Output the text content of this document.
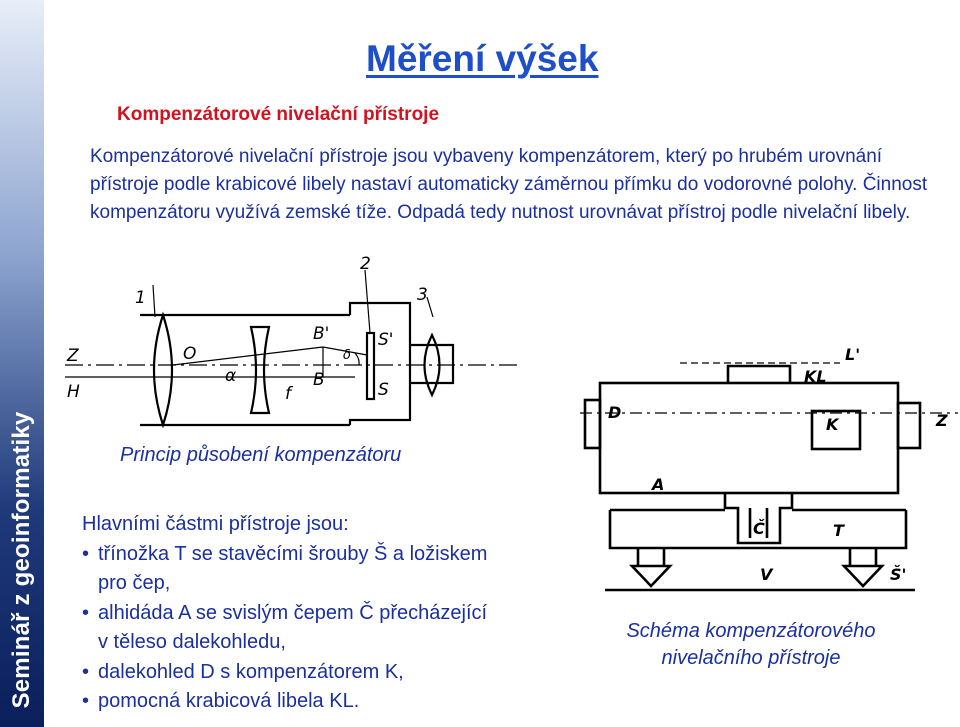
Seminář z geoinformatiky
Měření výšek
Kompenzátorové nivelační přístroje

Kompenzátorové nivelační přístroje jsou vybaveny kompenzátorem, který po hrubém urovnání přístroje podle krabicové libely nastaví automaticky záměrnou přímku do vodorovné polohy. Činnost kompenzátoru využívá zemské tíže. Odpadá tedy nutnost urovnávat přístroj podle nivelační libely.

1
2
3
Z
H
O
B'
B
S'
S
α
f
δ
Princip působení kompenzátoru
Hlavními částmi přístroje jsou:
• třínožka T se stavěcími šrouby Š a ložiskem pro čep,
• alhidáda A se svislým čepem Č přecházející v těleso dalekohledu,
• dalekohled D s kompenzátorem K,
• pomocná krabicová libela KL.
L'
KL
D
K	Z
A
Č	T
V	Š'
Schéma kompenzátorového
nivelačního přístroje
